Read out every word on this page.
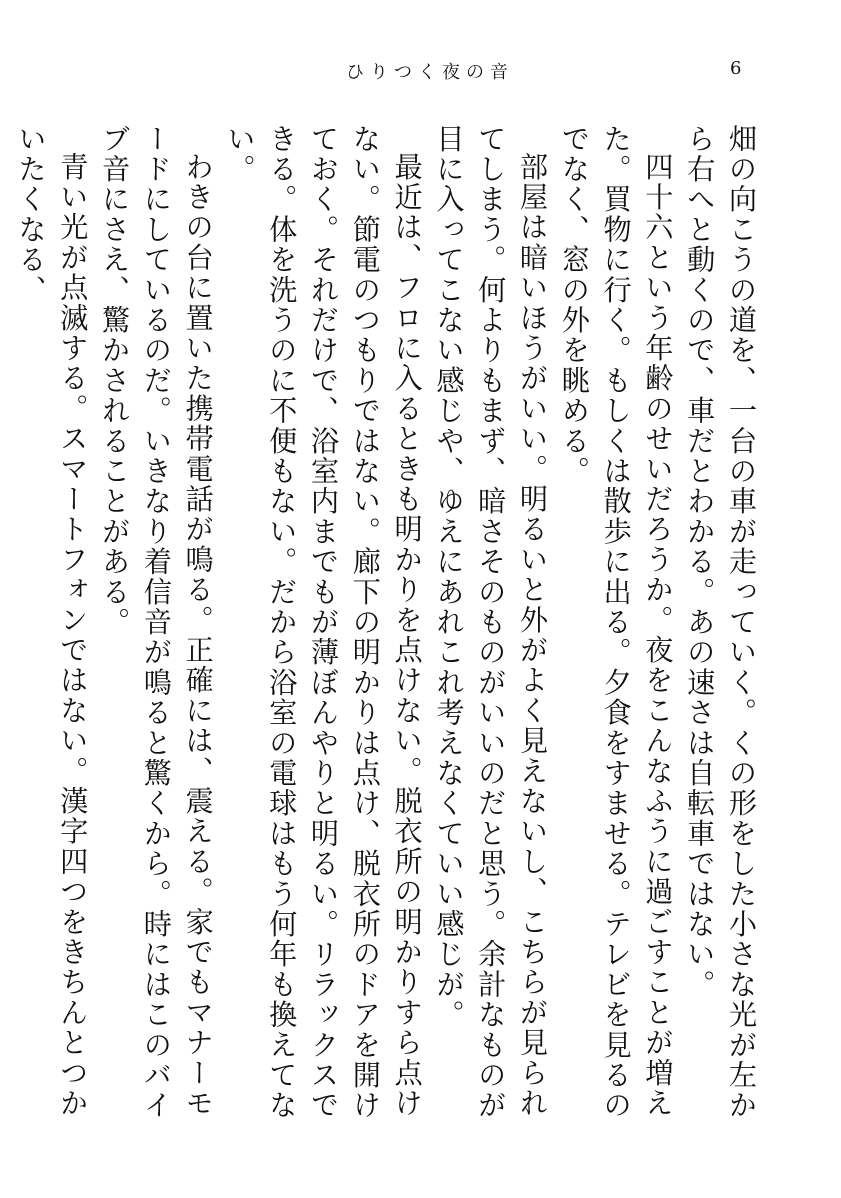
ひりつく夜の音	6

畑の向こうの道を、一台の車が走っていく。くの形をした小さな光が左から右へと動くので、車だとわかる。あの速さは自転車ではない。

四十六という年齢のせいだろうか。夜をこんなふうに過ごすことが増えた。買物に行く。もしくは散歩に出る。夕食をすませる。テレビを見るのでなく、窓の外を眺める。

部屋は暗いほうがいい。明るいと外がよく見えないし、こちらが見られてしまう。何よりもまず、暗さそのものがいいのだと思う。余計なものが目に入ってこない感じや、ゆえにあれこれ考えなくていい感じが。

最近は、フロに入るときも明かりを点けない。脱衣所の明かりすら点けない。節電のつもりではない。廊下の明かりは点け、脱衣所のドアを開けておく。それだけで、浴室内までもが薄ぼんやりと明るい。リラックスできる。体を洗うのに不便もない。だから浴室の電球はもう何年も換えてない。

わきの台に置いた携帯電話が鳴る。正確には、震える。家でもマナーモードにしているのだ。いきなり着信音が鳴ると驚くから。時にはこのバイブ音にさえ、驚かされることがある。

青い光が点滅する。スマートフォンではない。漢字四つをきちんとつかいたくなる、
